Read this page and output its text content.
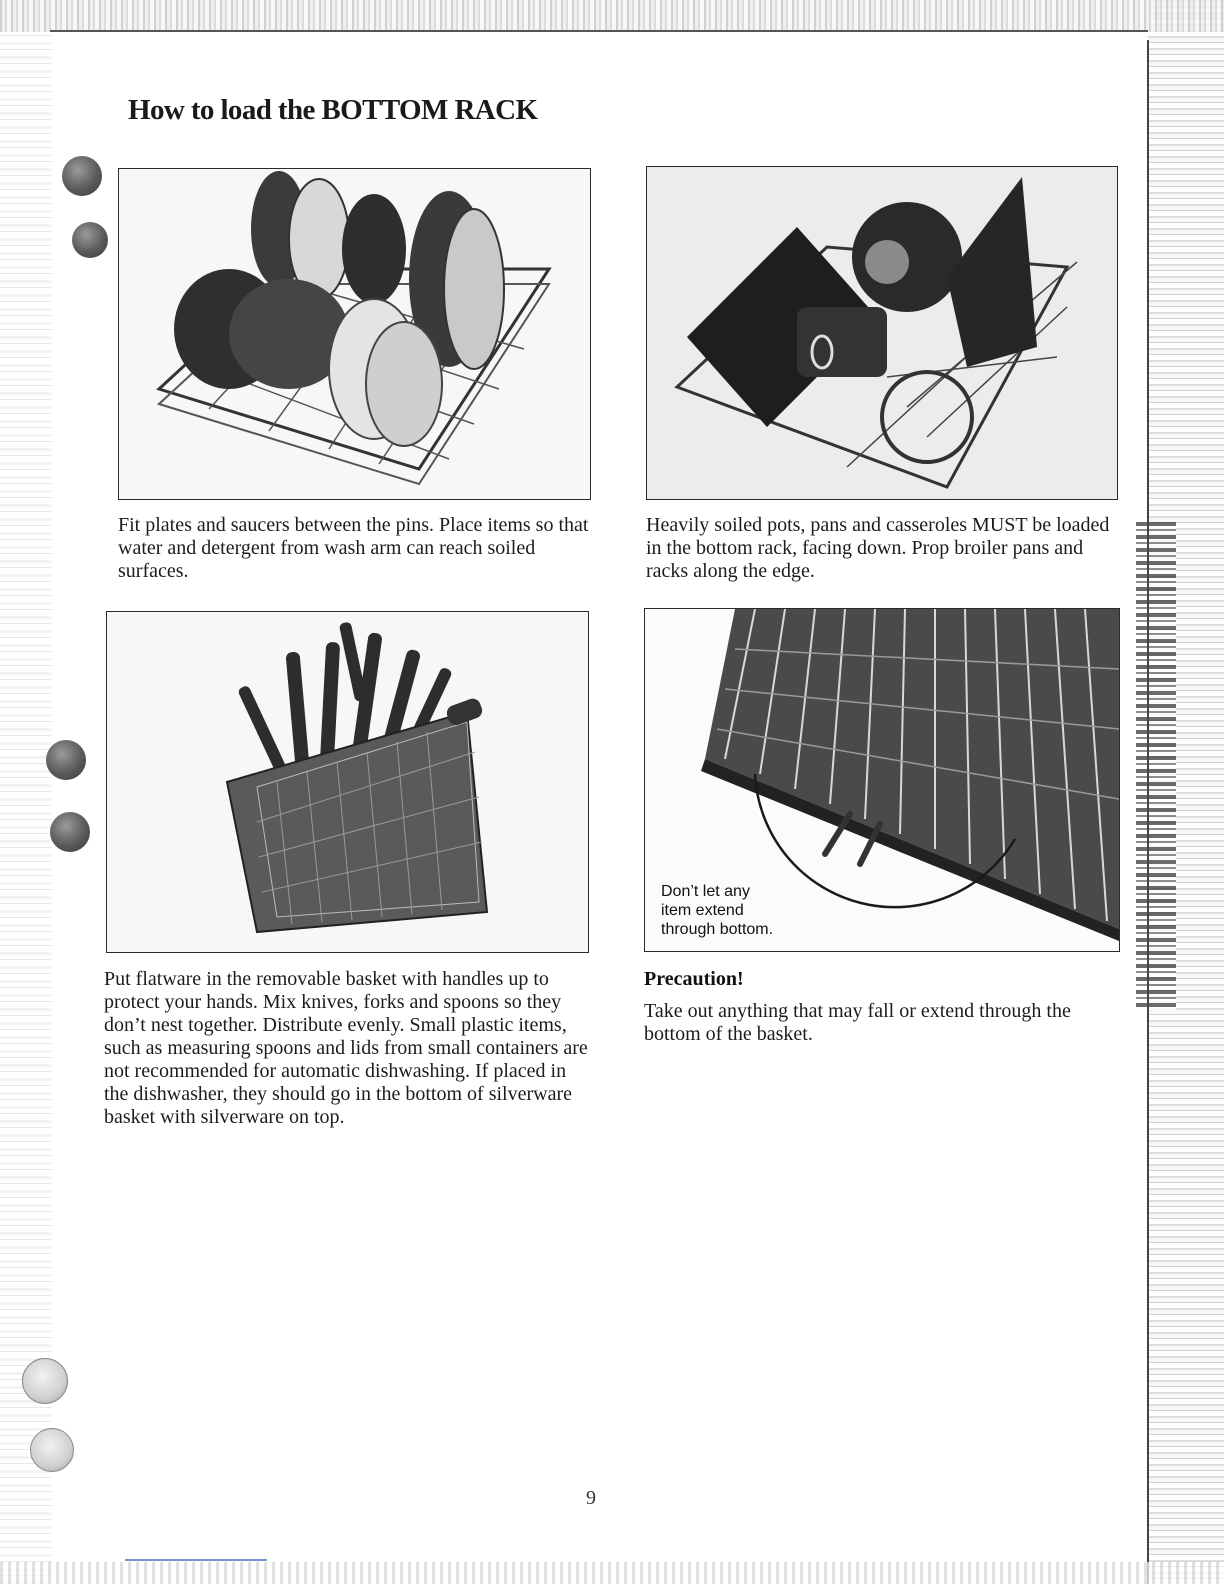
How to load the BOTTOM RACK

Fit plates and saucers between the pins. Place items so that water and detergent from wash arm can reach soiled surfaces.

Heavily soiled pots, pans and casseroles MUST be loaded in the bottom rack, facing down. Prop broiler pans and racks along the edge.

Put flatware in the removable basket with handles up to protect your hands. Mix knives, forks and spoons so they don’t nest together. Distribute evenly. Small plastic items, such as measuring spoons and lids from small containers are not recommended for automatic dishwashing. If placed in the dishwasher, they should go in the bottom of silverware basket with silverware on top.

Don’t let any
item extend
through bottom.
Precaution!

Take out anything that may fall or extend through the bottom of the basket.

9
